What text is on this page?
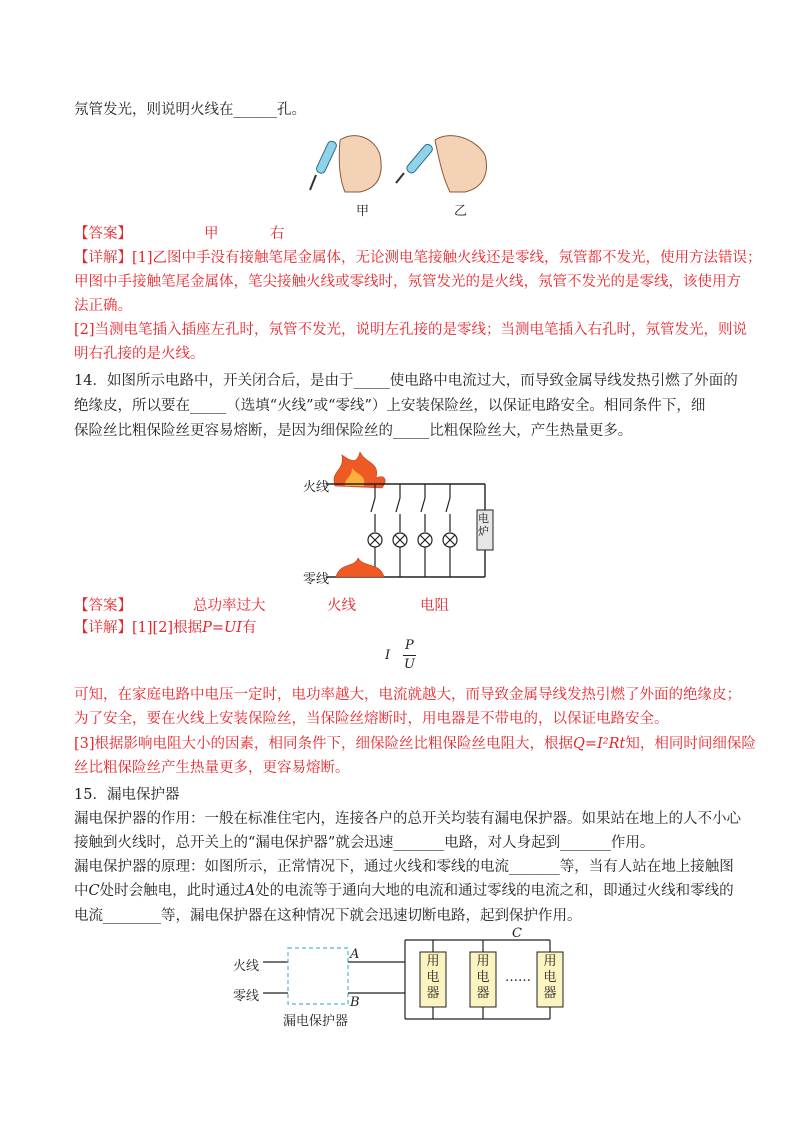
氖管发光，则说明火线在______孔。
甲	乙
【答案】	甲	右
【详解】[1]乙图中手没有接触笔尾金属体，无论测电笔接触火线还是零线，氖管都不发光，使用方法错误；
甲图中手接触笔尾金属体，笔尖接触火线或零线时，氖管发光的是火线，氖管不发光的是零线，该使用方
法正确。
[2]当测电笔插入插座左孔时，氖管不发光，说明左孔接的是零线；当测电笔插入右孔时，氖管发光，则说
明右孔接的是火线。
14．如图所示电路中，开关闭合后，是由于_____使电路中电流过大，而导致金属导线发热引燃了外面的
绝缘皮，所以要在_____（选填“火线”或“零线”）上安装保险丝，以保证电路安全。相同条件下，细
保险丝比粗保险丝更容易熔断，是因为细保险丝的_____比粗保险丝大，产生热量更多。
火线
零线
电炉
【答案】	总功率过大	火线	电阻
【详解】[1][2]根据P=UI有
I
P
U
可知，在家庭电路中电压一定时，电功率越大，电流就越大，而导致金属导线发热引燃了外面的绝缘皮；
为了安全，要在火线上安装保险丝，当保险丝熔断时，用电器是不带电的，以保证电路安全。
[3]根据影响电阻大小的因素，相同条件下，细保险丝比粗保险丝电阻大，根据Q=I²Rt知，相同时间细保险
丝比粗保险丝产生热量更多，更容易熔断。
15．漏电保护器
漏电保护器的作用：一般在标准住宅内，连接各户的总开关均装有漏电保护器。如果站在地上的人不小心
接触到火线时，总开关上的“漏电保护器”就会迅速_______电路，对人身起到_______作用。
漏电保护器的原理：如图所示，正常情况下，通过火线和零线的电流_______等，当有人站在地上接触图
中C处时会触电，此时通过A处的电流等于通向大地的电流和通过零线的电流之和，即通过火线和零线的
电流________等，漏电保护器在这种情况下就会迅速切断电路，起到保护作用。
火线
零线
漏电保护器
A
B
C
用
电
器
用
电
器
……
用
电
器
